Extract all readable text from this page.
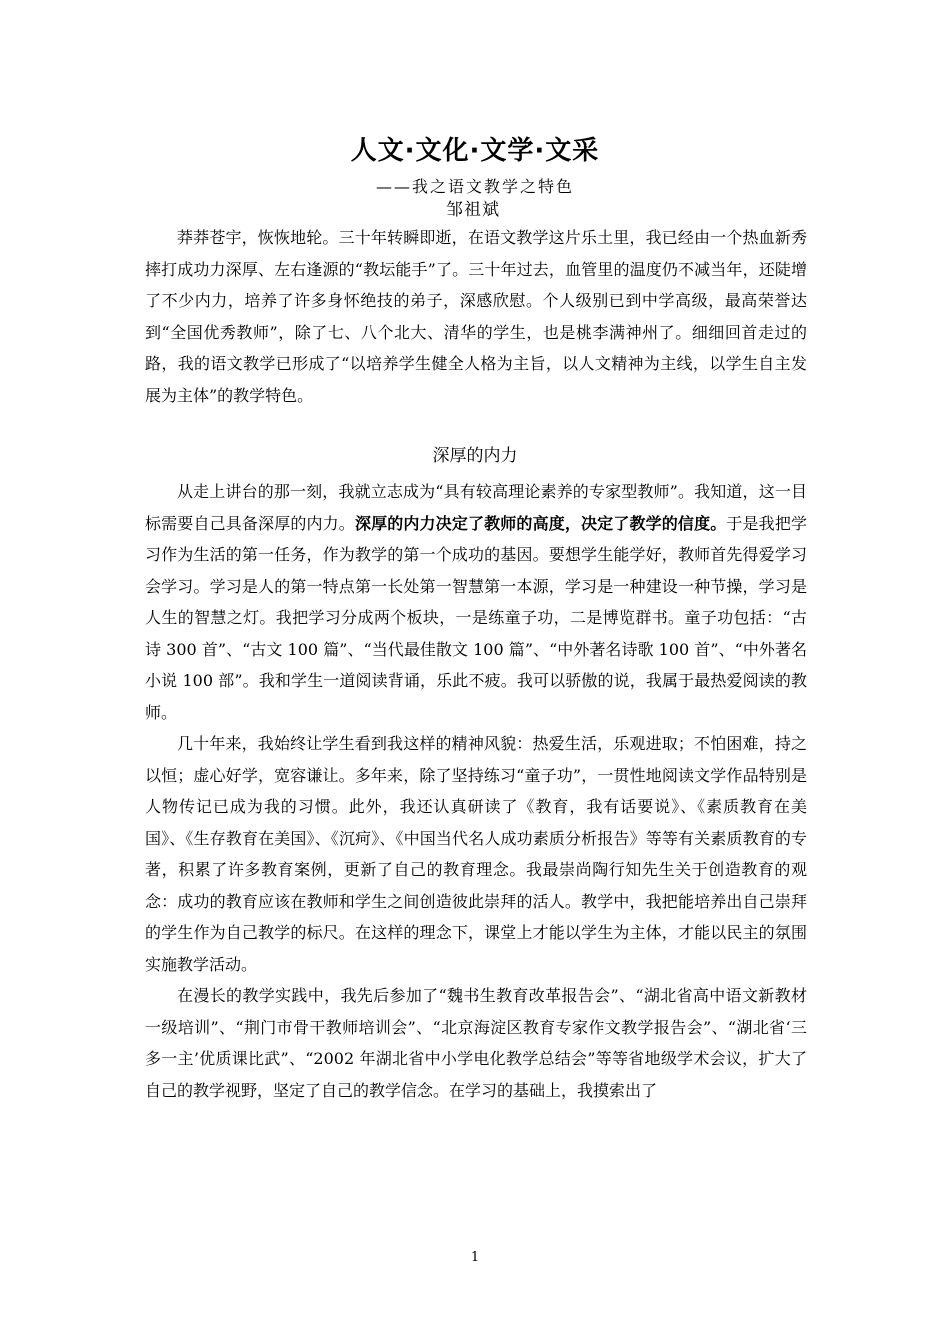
人文·文化·文学·文采
——我之语文教学之特色
邹祖斌

莽莽苍宇，恢恢地轮。三十年转瞬即逝，在语文教学这片乐土里，我已经由一个热血新秀摔打成功力深厚、左右逢源的“教坛能手”了。三十年过去，血管里的温度仍不减当年，还陡增了不少内力，培养了许多身怀绝技的弟子，深感欣慰。个人级别已到中学高级，最高荣誉达到“全国优秀教师”，除了七、八个北大、清华的学生，也是桃李满神州了。细细回首走过的路，我的语文教学已形成了“以培养学生健全人格为主旨，以人文精神为主线，以学生自主发展为主体”的教学特色。

深厚的内力

从走上讲台的那一刻，我就立志成为“具有较高理论素养的专家型教师”。我知道，这一目标需要自己具备深厚的内力。深厚的内力决定了教师的高度，决定了教学的信度。于是我把学习作为生活的第一任务，作为教学的第一个成功的基因。要想学生能学好，教师首先得爱学习会学习。学习是人的第一特点第一长处第一智慧第一本源，学习是一种建设一种节操，学习是人生的智慧之灯。我把学习分成两个板块，一是练童子功，二是博览群书。童子功包括：“古诗 300 首”、“古文 100 篇”、“当代最佳散文 100 篇”、“中外著名诗歌 100 首”、“中外著名小说 100 部”。我和学生一道阅读背诵，乐此不疲。我可以骄傲的说，我属于最热爱阅读的教师。

几十年来，我始终让学生看到我这样的精神风貌：热爱生活，乐观进取；不怕困难，持之以恒；虚心好学，宽容谦让。多年来，除了坚持练习“童子功”，一贯性地阅读文学作品特别是人物传记已成为我的习惯。此外，我还认真研读了《教育，我有话要说》、《素质教育在美国》、《生存教育在美国》、《沉疴》、《中国当代名人成功素质分析报告》等等有关素质教育的专著，积累了许多教育案例，更新了自己的教育理念。我最崇尚陶行知先生关于创造教育的观念：成功的教育应该在教师和学生之间创造彼此崇拜的活人。教学中，我把能培养出自己崇拜的学生作为自己教学的标尺。在这样的理念下，课堂上才能以学生为主体，才能以民主的氛围实施教学活动。

在漫长的教学实践中，我先后参加了“魏书生教育改革报告会”、“湖北省高中语文新教材一级培训”、“荆门市骨干教师培训会”、“北京海淀区教育专家作文教学报告会”、“湖北省‘三多一主’优质课比武”、“2002 年湖北省中小学电化教学总结会”等等省地级学术会议，扩大了自己的教学视野，坚定了自己的教学信念。在学习的基础上，我摸索出了

1
